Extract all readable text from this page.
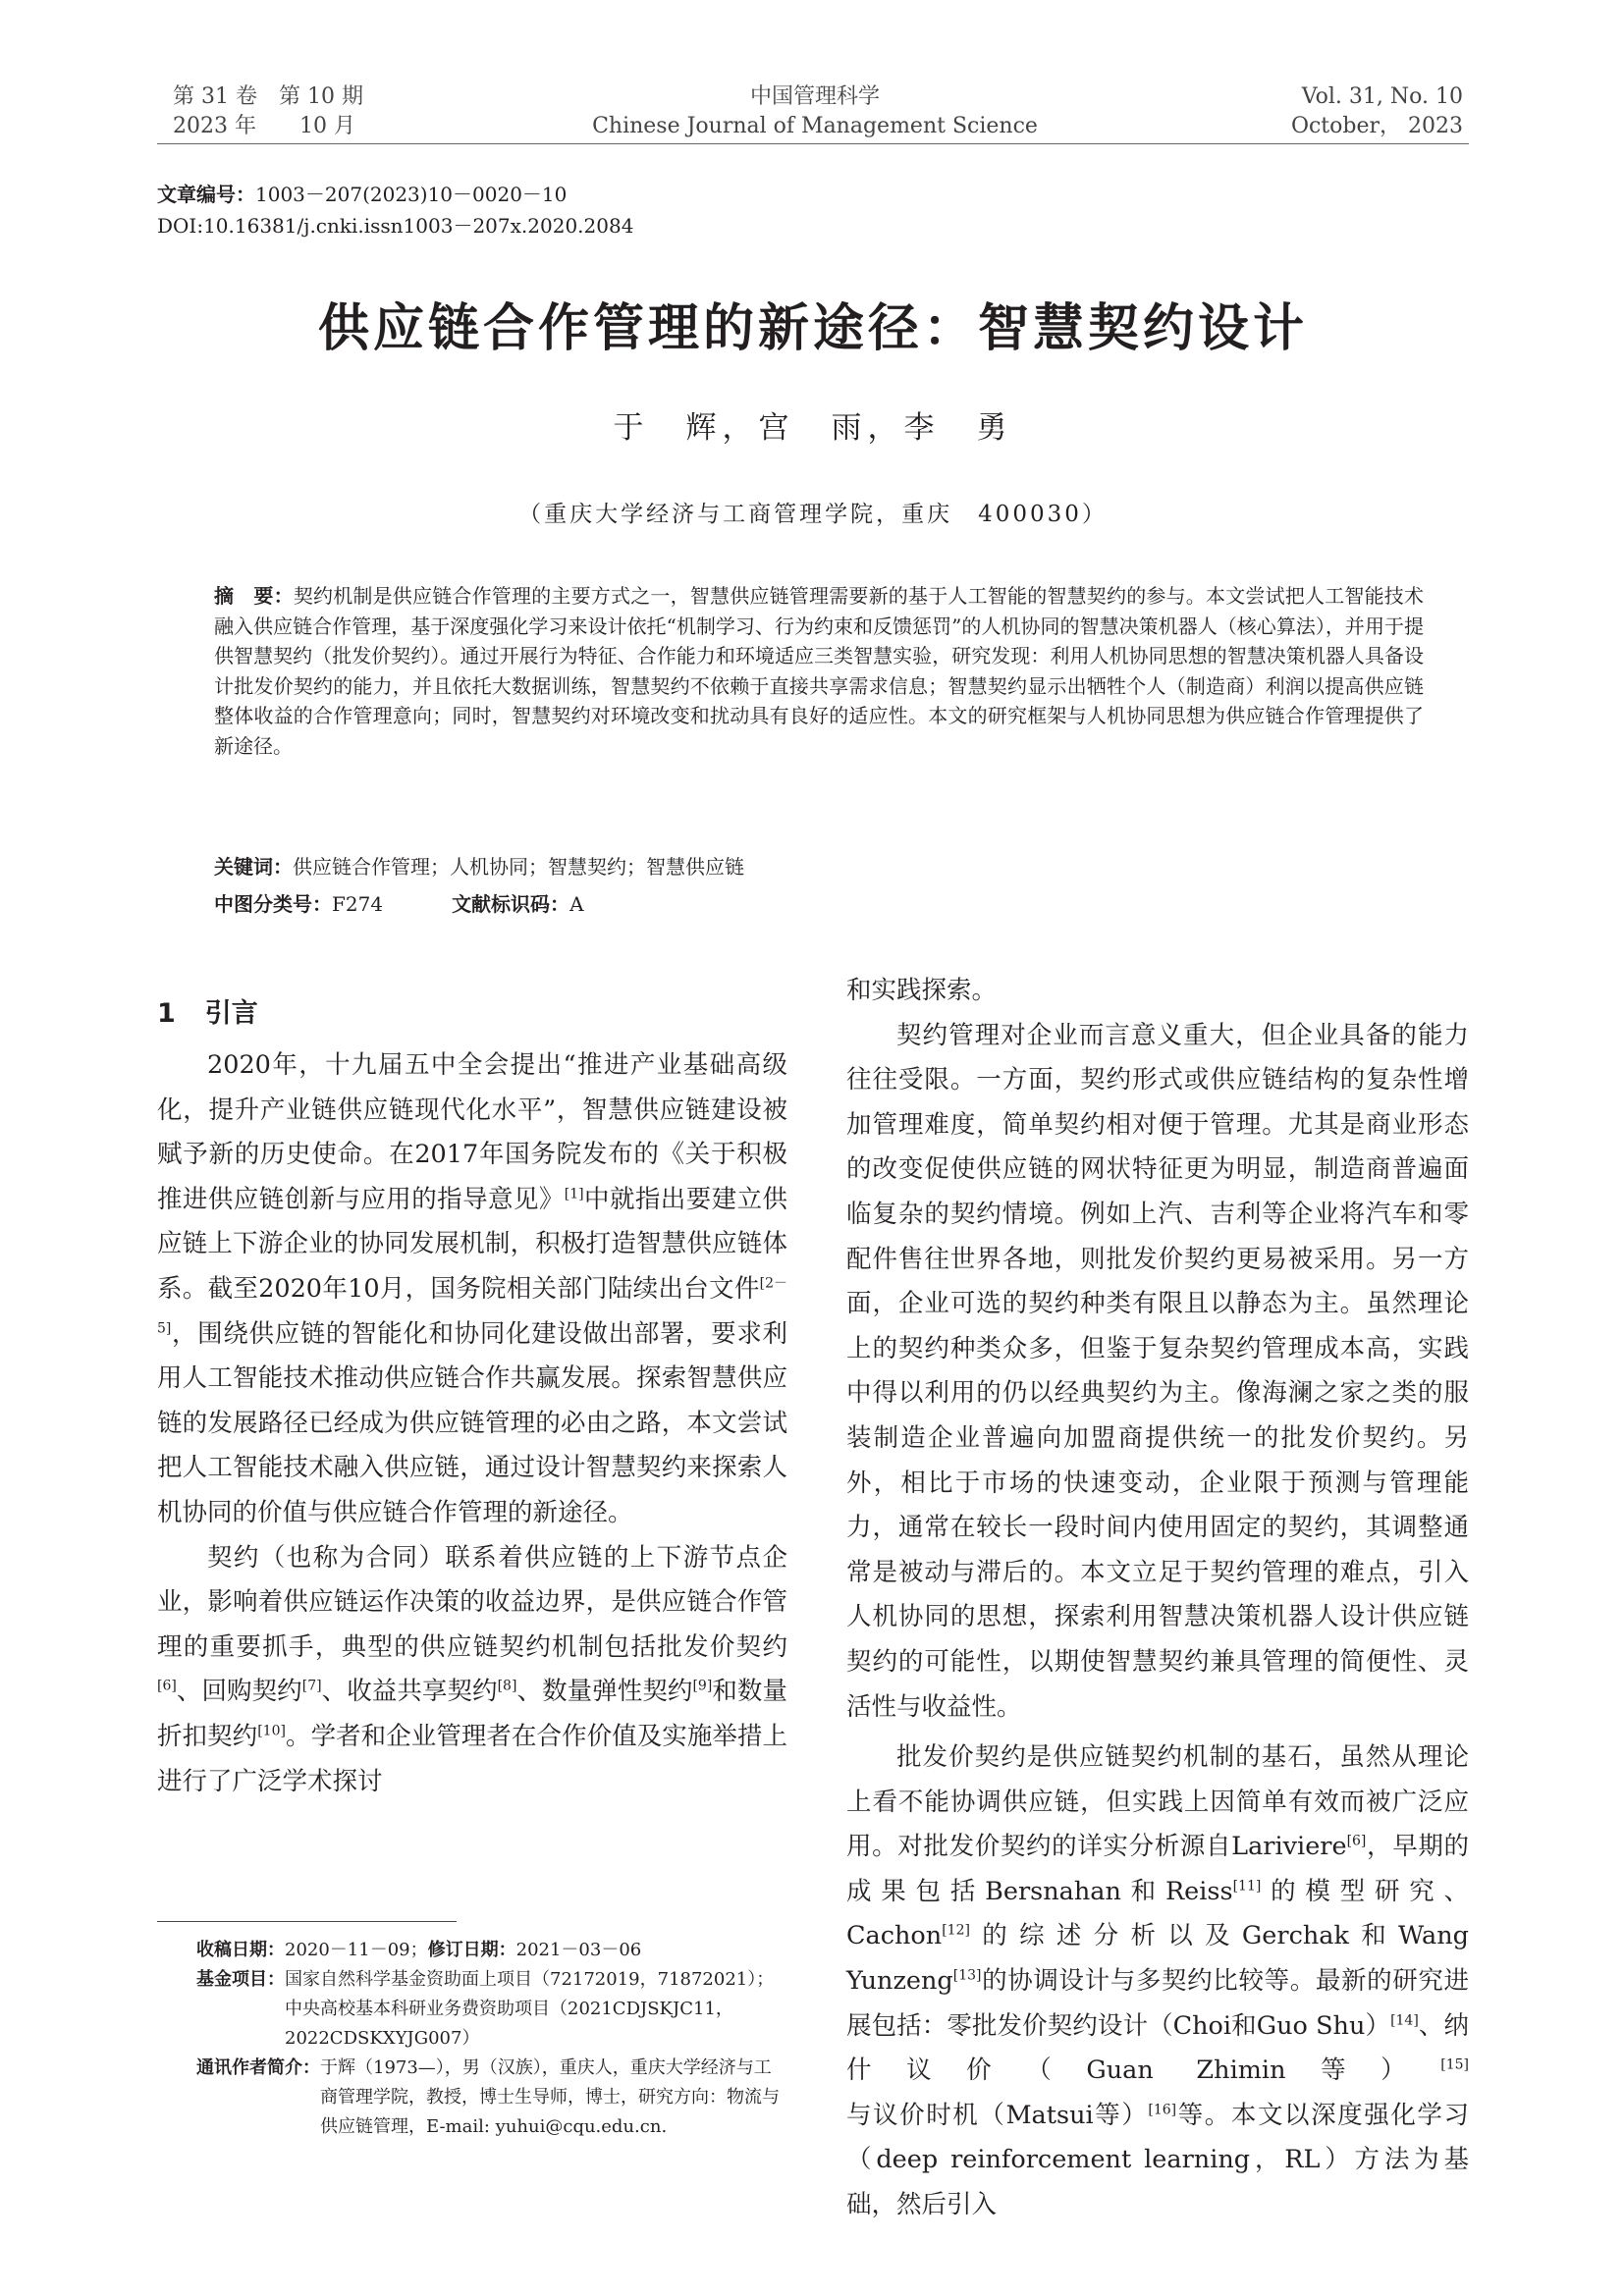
第 31 卷　第 10 期
2023 年　　10 月
中国管理科学
Chinese Journal of Management Science
Vol. 31, No. 10
October， 2023
文章编号：1003－207(2023)10－0020－10
DOI:10.16381/j.cnki.issn1003－207x.2020.2084
供应链合作管理的新途径：智慧契约设计
于　辉，宫　雨，李　勇
（重庆大学经济与工商管理学院，重庆　400030）
摘　要：契约机制是供应链合作管理的主要方式之一，智慧供应链管理需要新的基于人工智能的智慧契约的参与。本文尝试把人工智能技术融入供应链合作管理，基于深度强化学习来设计依托“机制学习、行为约束和反馈惩罚”的人机协同的智慧决策机器人（核心算法），并用于提供智慧契约（批发价契约）。通过开展行为特征、合作能力和环境适应三类智慧实验，研究发现：利用人机协同思想的智慧决策机器人具备设计批发价契约的能力，并且依托大数据训练，智慧契约不依赖于直接共享需求信息；智慧契约显示出牺牲个人（制造商）利润以提高供应链整体收益的合作管理意向；同时，智慧契约对环境改变和扰动具有良好的适应性。本文的研究框架与人机协同思想为供应链合作管理提供了新途径。
关键词：供应链合作管理；人机协同；智慧契约；智慧供应链
中图分类号：F274	文献标识码：A
1 引言

2020年，十九届五中全会提出“推进产业基础高级化，提升产业链供应链现代化水平”，智慧供应链建设被赋予新的历史使命。在2017年国务院发布的《关于积极推进供应链创新与应用的指导意见》[1]中就指出要建立供应链上下游企业的协同发展机制，积极打造智慧供应链体系。截至2020年10月，国务院相关部门陆续出台文件[2－5]，围绕供应链的智能化和协同化建设做出部署，要求利用人工智能技术推动供应链合作共赢发展。探索智慧供应链的发展路径已经成为供应链管理的必由之路，本文尝试把人工智能技术融入供应链，通过设计智慧契约来探索人机协同的价值与供应链合作管理的新途径。

契约（也称为合同）联系着供应链的上下游节点企业，影响着供应链运作决策的收益边界，是供应链合作管理的重要抓手，典型的供应链契约机制包括批发价契约[6]、回购契约[7]、收益共享契约[8]、数量弹性契约[9]和数量折扣契约[10]。学者和企业管理者在合作价值及实施举措上进行了广泛学术探讨

收稿日期：2020－11－09；修订日期：2021－03－06
基金项目： 国家自然科学基金资助面上项目（72172019，71872021）；中央高校基本科研业务费资助项目（2021CDJSKJC11，2022CDSKXYJG007）
通讯作者简介： 于辉（1973—），男（汉族），重庆人，重庆大学经济与工商管理学院，教授，博士生导师，博士，研究方向：物流与供应链管理，E-mail: yuhui@cqu.edu.cn.

和实践探索。

契约管理对企业而言意义重大，但企业具备的能力往往受限。一方面，契约形式或供应链结构的复杂性增加管理难度，简单契约相对便于管理。尤其是商业形态的改变促使供应链的网状特征更为明显，制造商普遍面临复杂的契约情境。例如上汽、吉利等企业将汽车和零配件售往世界各地，则批发价契约更易被采用。另一方面，企业可选的契约种类有限且以静态为主。虽然理论上的契约种类众多，但鉴于复杂契约管理成本高，实践中得以利用的仍以经典契约为主。像海澜之家之类的服装制造企业普遍向加盟商提供统一的批发价契约。另外，相比于市场的快速变动，企业限于预测与管理能力，通常在较长一段时间内使用固定的契约，其调整通常是被动与滞后的。本文立足于契约管理的难点，引入人机协同的思想，探索利用智慧决策机器人设计供应链契约的可能性，以期使智慧契约兼具管理的简便性、灵活性与收益性。

批发价契约是供应链契约机制的基石，虽然从理论上看不能协调供应链，但实践上因简单有效而被广泛应用。对批发价契约的详实分析源自Lariviere[6]，早期的成果包括Bersnahan和Reiss[11]的模型研究、Cachon[12]的综述分析以及Gerchak和Wang Yunzeng[13]的协调设计与多契约比较等。最新的研究进展包括：零批发价契约设计（Choi和Guo Shu）[14]、纳什议价（Guan Zhimin等）[15]与议价时机（Matsui等）[16]等。本文以深度强化学习（deep reinforcement learning，RL）方法为基础，然后引入
